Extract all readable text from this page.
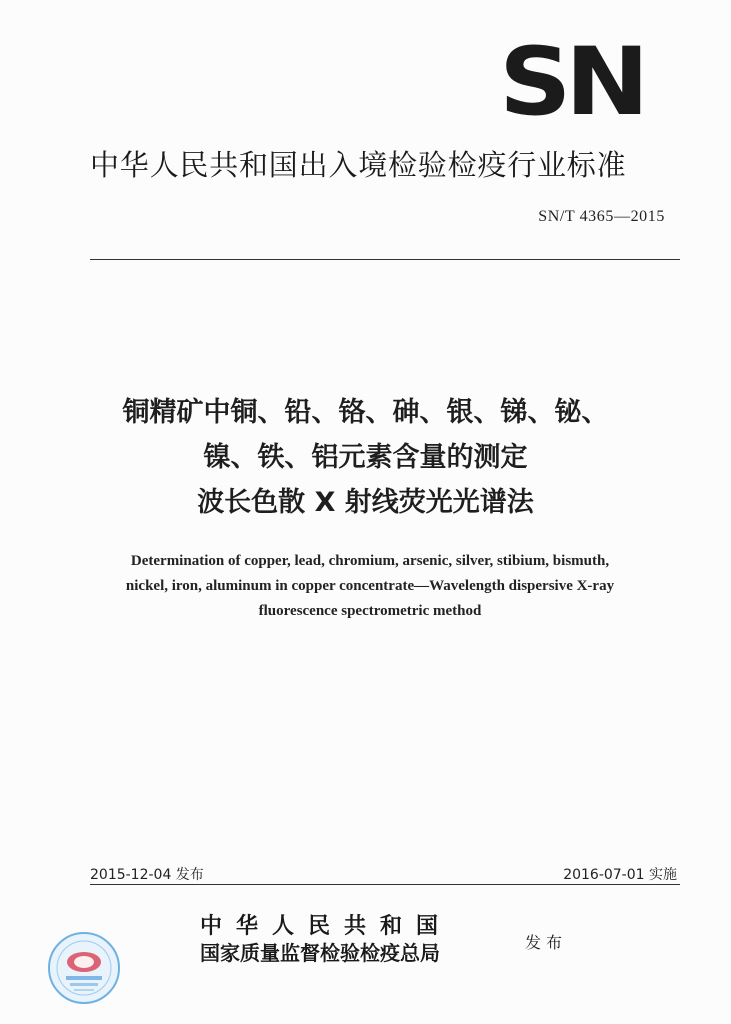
SN
中华人民共和国出入境检验检疫行业标准
SN/T 4365—2015
铜精矿中铜、铅、铬、砷、银、锑、铋、
镍、铁、铝元素含量的测定
波长色散 X 射线荧光光谱法
Determination of copper, lead, chromium, arsenic, silver, stibium, bismuth,
nickel, iron, aluminum in copper concentrate—Wavelength dispersive X-ray
fluorescence spectrometric method
2015-12-04 发布	2016-07-01 实施
中华人民共和国
国家质量监督检验检疫总局	发布
